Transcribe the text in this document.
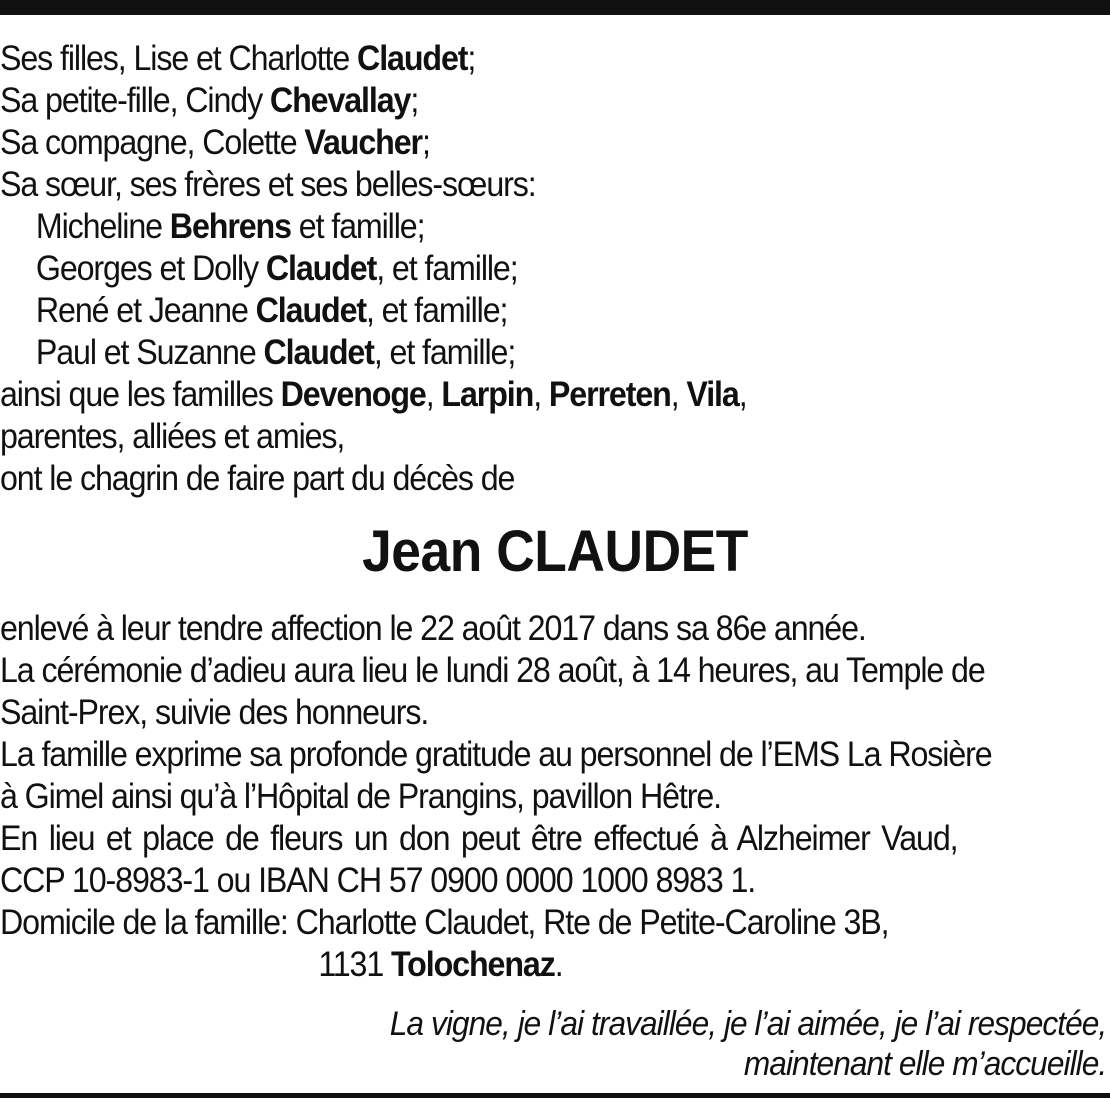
Ses filles, Lise et Charlotte Claudet;
Sa petite-fille, Cindy Chevallay;
Sa compagne, Colette Vaucher;
Sa sœur, ses frères et ses belles-sœurs:
Micheline Behrens et famille;
Georges et Dolly Claudet, et famille;
René et Jeanne Claudet, et famille;
Paul et Suzanne Claudet, et famille;
ainsi que les familles Devenoge, Larpin, Perreten, Vila,
parentes, alliées et amies,
ont le chagrin de faire part du décès de
Jean CLAUDET
enlevé à leur tendre affection le 22 août 2017 dans sa 86e année.
La cérémonie d’adieu aura lieu le lundi 28 août, à 14 heures, au Temple de
Saint-Prex, suivie des honneurs.
La famille exprime sa profonde gratitude au personnel de l’EMS La Rosière
à Gimel ainsi qu’à l’Hôpital de Prangins, pavillon Hêtre.
En lieu et place de fleurs un don peut être effectué à Alzheimer Vaud,
CCP 10-8983-1 ou IBAN CH 57 0900 0000 1000 8983 1.
Domicile de la famille: Charlotte Claudet, Rte de Petite-Caroline 3B,
1131 Tolochenaz.
La vigne, je l’ai travaillée, je l’ai aimée, je l’ai respectée,
maintenant elle m’accueille.
